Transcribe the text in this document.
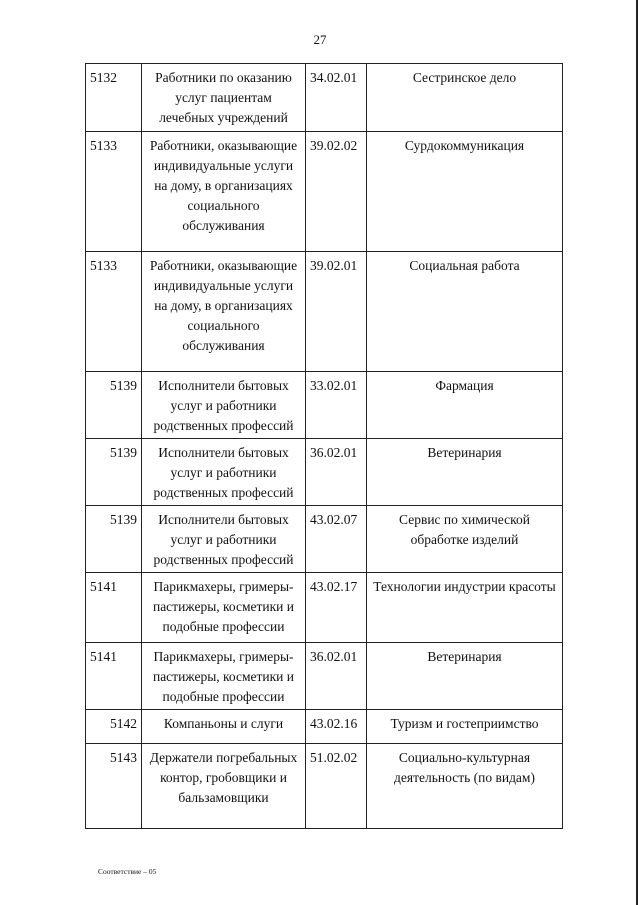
27
5132	Работники по оказанию услуг пациентам лечебных учреждений	34.02.01	Сестринское дело
5133	Работники, оказывающие индивидуальные услуги на дому, в организациях социального обслуживания	39.02.02	Сурдокоммуникация
5133	Работники, оказывающие индивидуальные услуги на дому, в организациях социального обслуживания	39.02.01	Социальная работа
5139	Исполнители бытовых услуг и работники родственных профессий	33.02.01	Фармация
5139	Исполнители бытовых услуг и работники родственных профессий	36.02.01	Ветеринария
5139	Исполнители бытовых услуг и работники родственных профессий	43.02.07	Сервис по химической обработке изделий
5141	Парикмахеры, гримеры-пастижеры, косметики и подобные профессии	43.02.17	Технологии индустрии красоты
5141	Парикмахеры, гримеры-пастижеры, косметики и подобные профессии	36.02.01	Ветеринария
5142	Компаньоны и слуги	43.02.16	Туризм и гостеприимство
5143	Держатели погребальных контор, гробовщики и бальзамовщики	51.02.02	Социально-культурная деятельность (по видам)
Соответствие – 05
